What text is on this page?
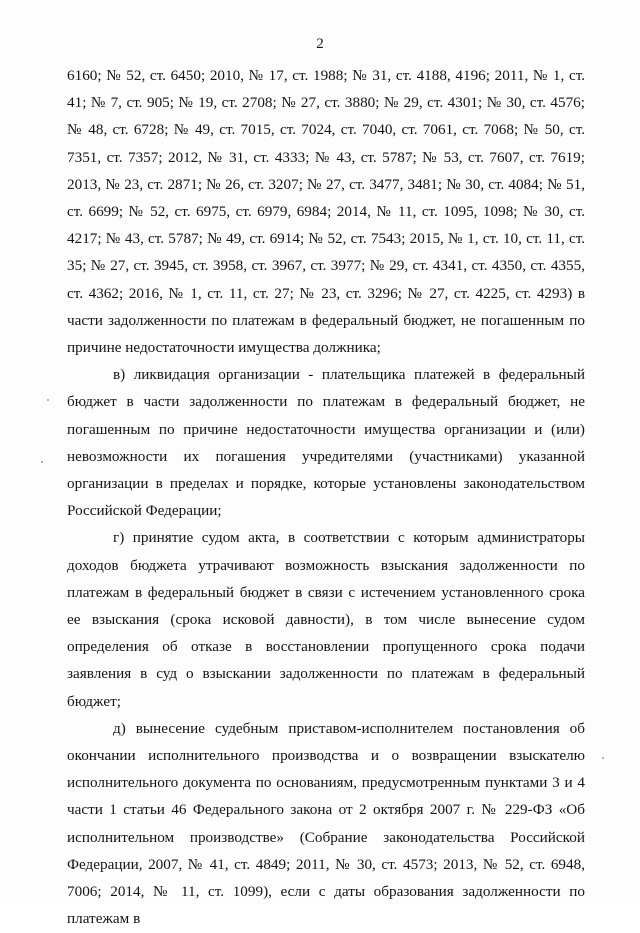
2

6160; № 52, ст. 6450; 2010, № 17, ст. 1988; № 31, ст. 4188, 4196; 2011, № 1, ст. 41; № 7, ст. 905; № 19, ст. 2708; № 27, ст. 3880; № 29, ст. 4301; № 30, ст. 4576; № 48, ст. 6728; № 49, ст. 7015, ст. 7024, ст. 7040, ст. 7061, ст. 7068; № 50, ст. 7351, ст. 7357; 2012, № 31, ст. 4333; № 43, ст. 5787; № 53, ст. 7607, ст. 7619; 2013, № 23, ст. 2871; № 26, ст. 3207; № 27, ст. 3477, 3481; № 30, ст. 4084; № 51, ст. 6699; № 52, ст. 6975, ст. 6979, 6984; 2014, № 11, ст. 1095, 1098; № 30, ст. 4217; № 43, ст. 5787; № 49, ст. 6914; № 52, ст. 7543; 2015, № 1, ст. 10, ст. 11, ст. 35; № 27, ст. 3945, ст. 3958, ст. 3967, ст. 3977; № 29, ст. 4341, ст. 4350, ст. 4355, ст. 4362; 2016, № 1, ст. 11, ст. 27; № 23, ст. 3296; № 27, ст. 4225, ст. 4293) в части задолженности по платежам в федеральный бюджет, не погашенным по причине недостаточности имущества должника;

в) ликвидация организации - плательщика платежей в федеральный бюджет в части задолженности по платежам в федеральный бюджет, не погашенным по причине недостаточности имущества организации и (или) невозможности их погашения учредителями (участниками) указанной организации в пределах и порядке, которые установлены законодательством Российской Федерации;

г) принятие судом акта, в соответствии с которым администраторы доходов бюджета утрачивают возможность взыскания задолженности по платежам в федеральный бюджет в связи с истечением установленного срока ее взыскания (срока исковой давности), в том числе вынесение судом определения об отказе в восстановлении пропущенного срока подачи заявления в суд о взыскании задолженности по платежам в федеральный бюджет;

д) вынесение судебным приставом-исполнителем постановления об окончании исполнительного производства и о возвращении взыскателю исполнительного документа по основаниям, предусмотренным пунктами 3 и 4 части 1 статьи 46 Федерального закона от 2 октября 2007 г. № 229-ФЗ «Об исполнительном производстве» (Собрание законодательства Российской Федерации, 2007, № 41, ст. 4849; 2011, № 30, ст. 4573; 2013, № 52, ст. 6948, 7006; 2014, № 11, ст. 1099), если с даты образования задолженности по платежам в
